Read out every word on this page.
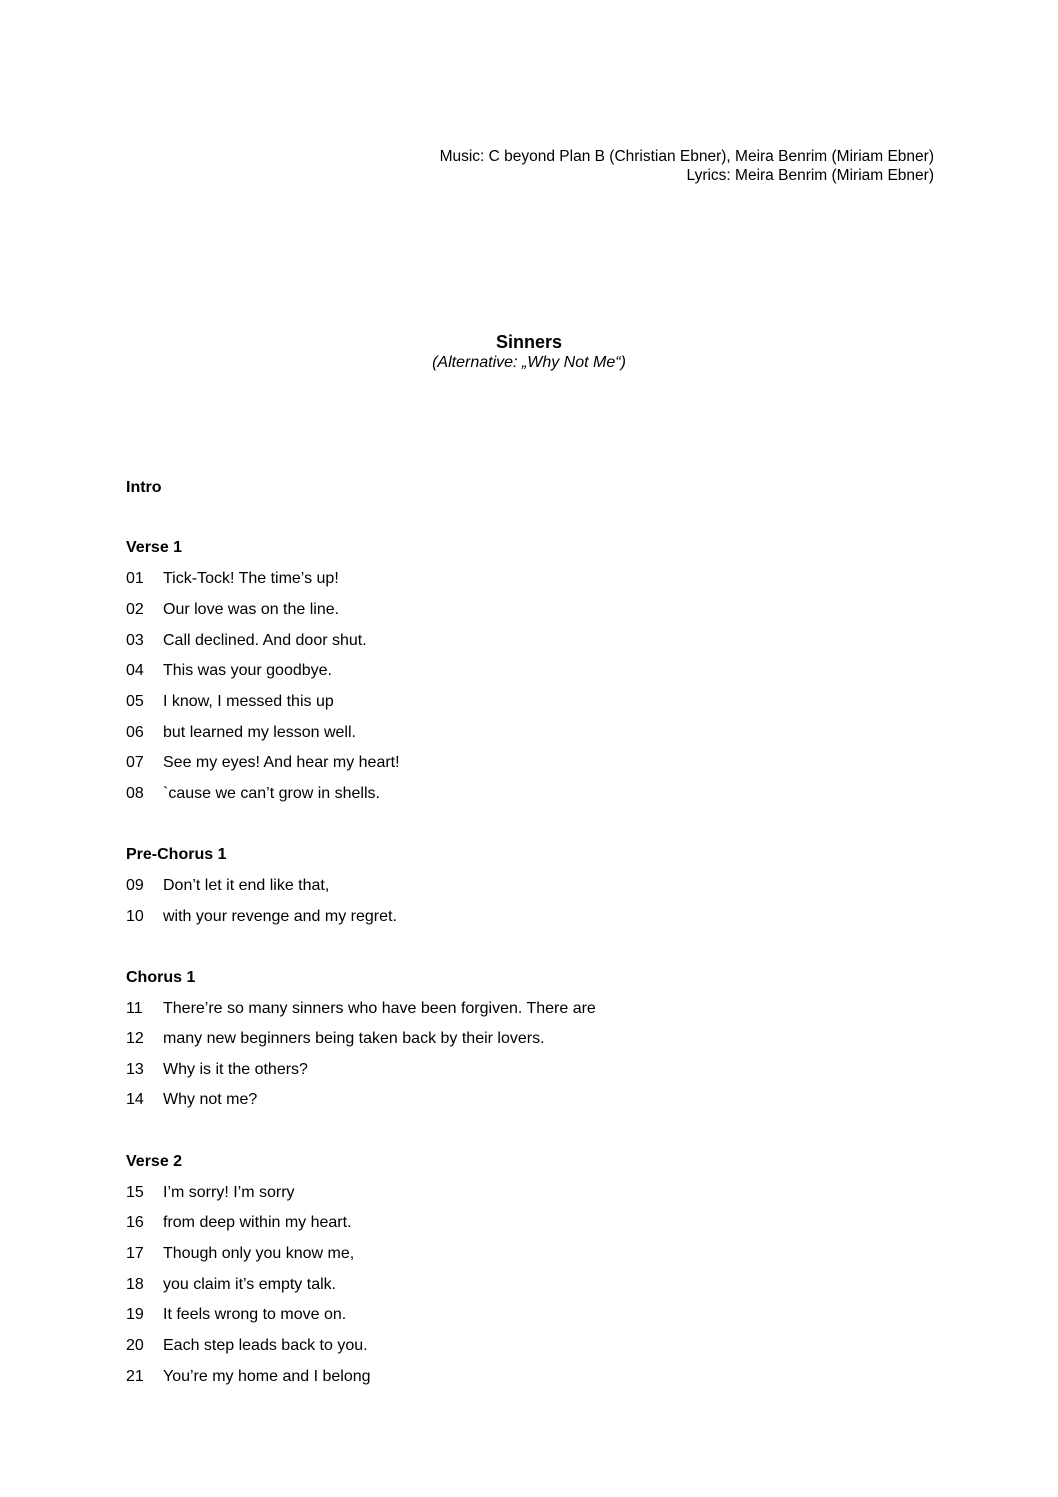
Music: C beyond Plan B (Christian Ebner), Meira Benrim (Miriam Ebner)
Lyrics: Meira Benrim (Miriam Ebner)
Sinners
(Alternative: „Why Not Me“)
Intro
Verse 1
01 Tick-Tock! The time’s up!
02 Our love was on the line.
03 Call declined. And door shut.
04 This was your goodbye.
05 I know, I messed this up
06 but learned my lesson well.
07 See my eyes! And hear my heart!
08 `cause we can’t grow in shells.
Pre-Chorus 1
09 Don’t let it end like that,
10 with your revenge and my regret.
Chorus 1
11 There’re so many sinners who have been forgiven. There are
12 many new beginners being taken back by their lovers.
13 Why is it the others?
14 Why not me?
Verse 2
15 I’m sorry! I’m sorry
16 from deep within my heart.
17 Though only you know me,
18 you claim it’s empty talk.
19 It feels wrong to move on.
20 Each step leads back to you.
21 You’re my home and I belong
